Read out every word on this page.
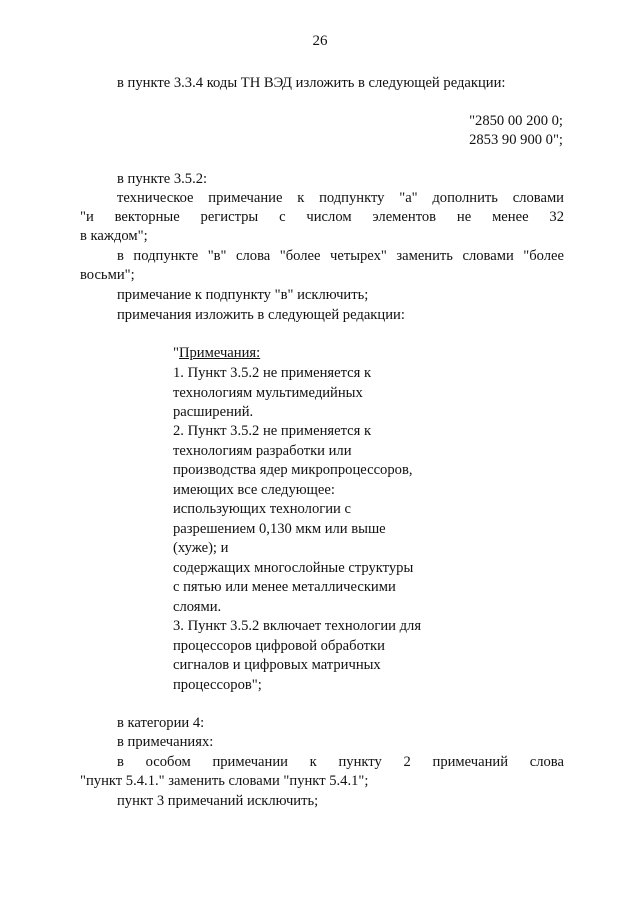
26
в пункте 3.3.4 коды ТН ВЭД изложить в следующей редакции:
"2850 00 200 0;
2853 90 900 0";
в пункте 3.5.2:
техническое примечание к подпункту "а" дополнить словами
"и векторные регистры с числом элементов не менее 32
в каждом";
в подпункте "в" слова "более четырех" заменить словами "более
восьми";
примечание к подпункту "в" исключить;
примечания изложить в следующей редакции:
"Примечания:
1. Пункт 3.5.2 не применяется к
технологиям мультимедийных
расширений.
2. Пункт 3.5.2 не применяется к
технологиям разработки или
производства ядер микропроцессоров,
имеющих все следующее:
использующих технологии с
разрешением 0,130 мкм или выше
(хуже); и
содержащих многослойные структуры
с пятью или менее металлическими
слоями.
3. Пункт 3.5.2 включает технологии для
процессоров цифровой обработки
сигналов и цифровых матричных
процессоров";
в категории 4:
в примечаниях:
в особом примечании к пункту 2 примечаний слова
"пункт 5.4.1." заменить словами "пункт 5.4.1";
пункт 3 примечаний исключить;
